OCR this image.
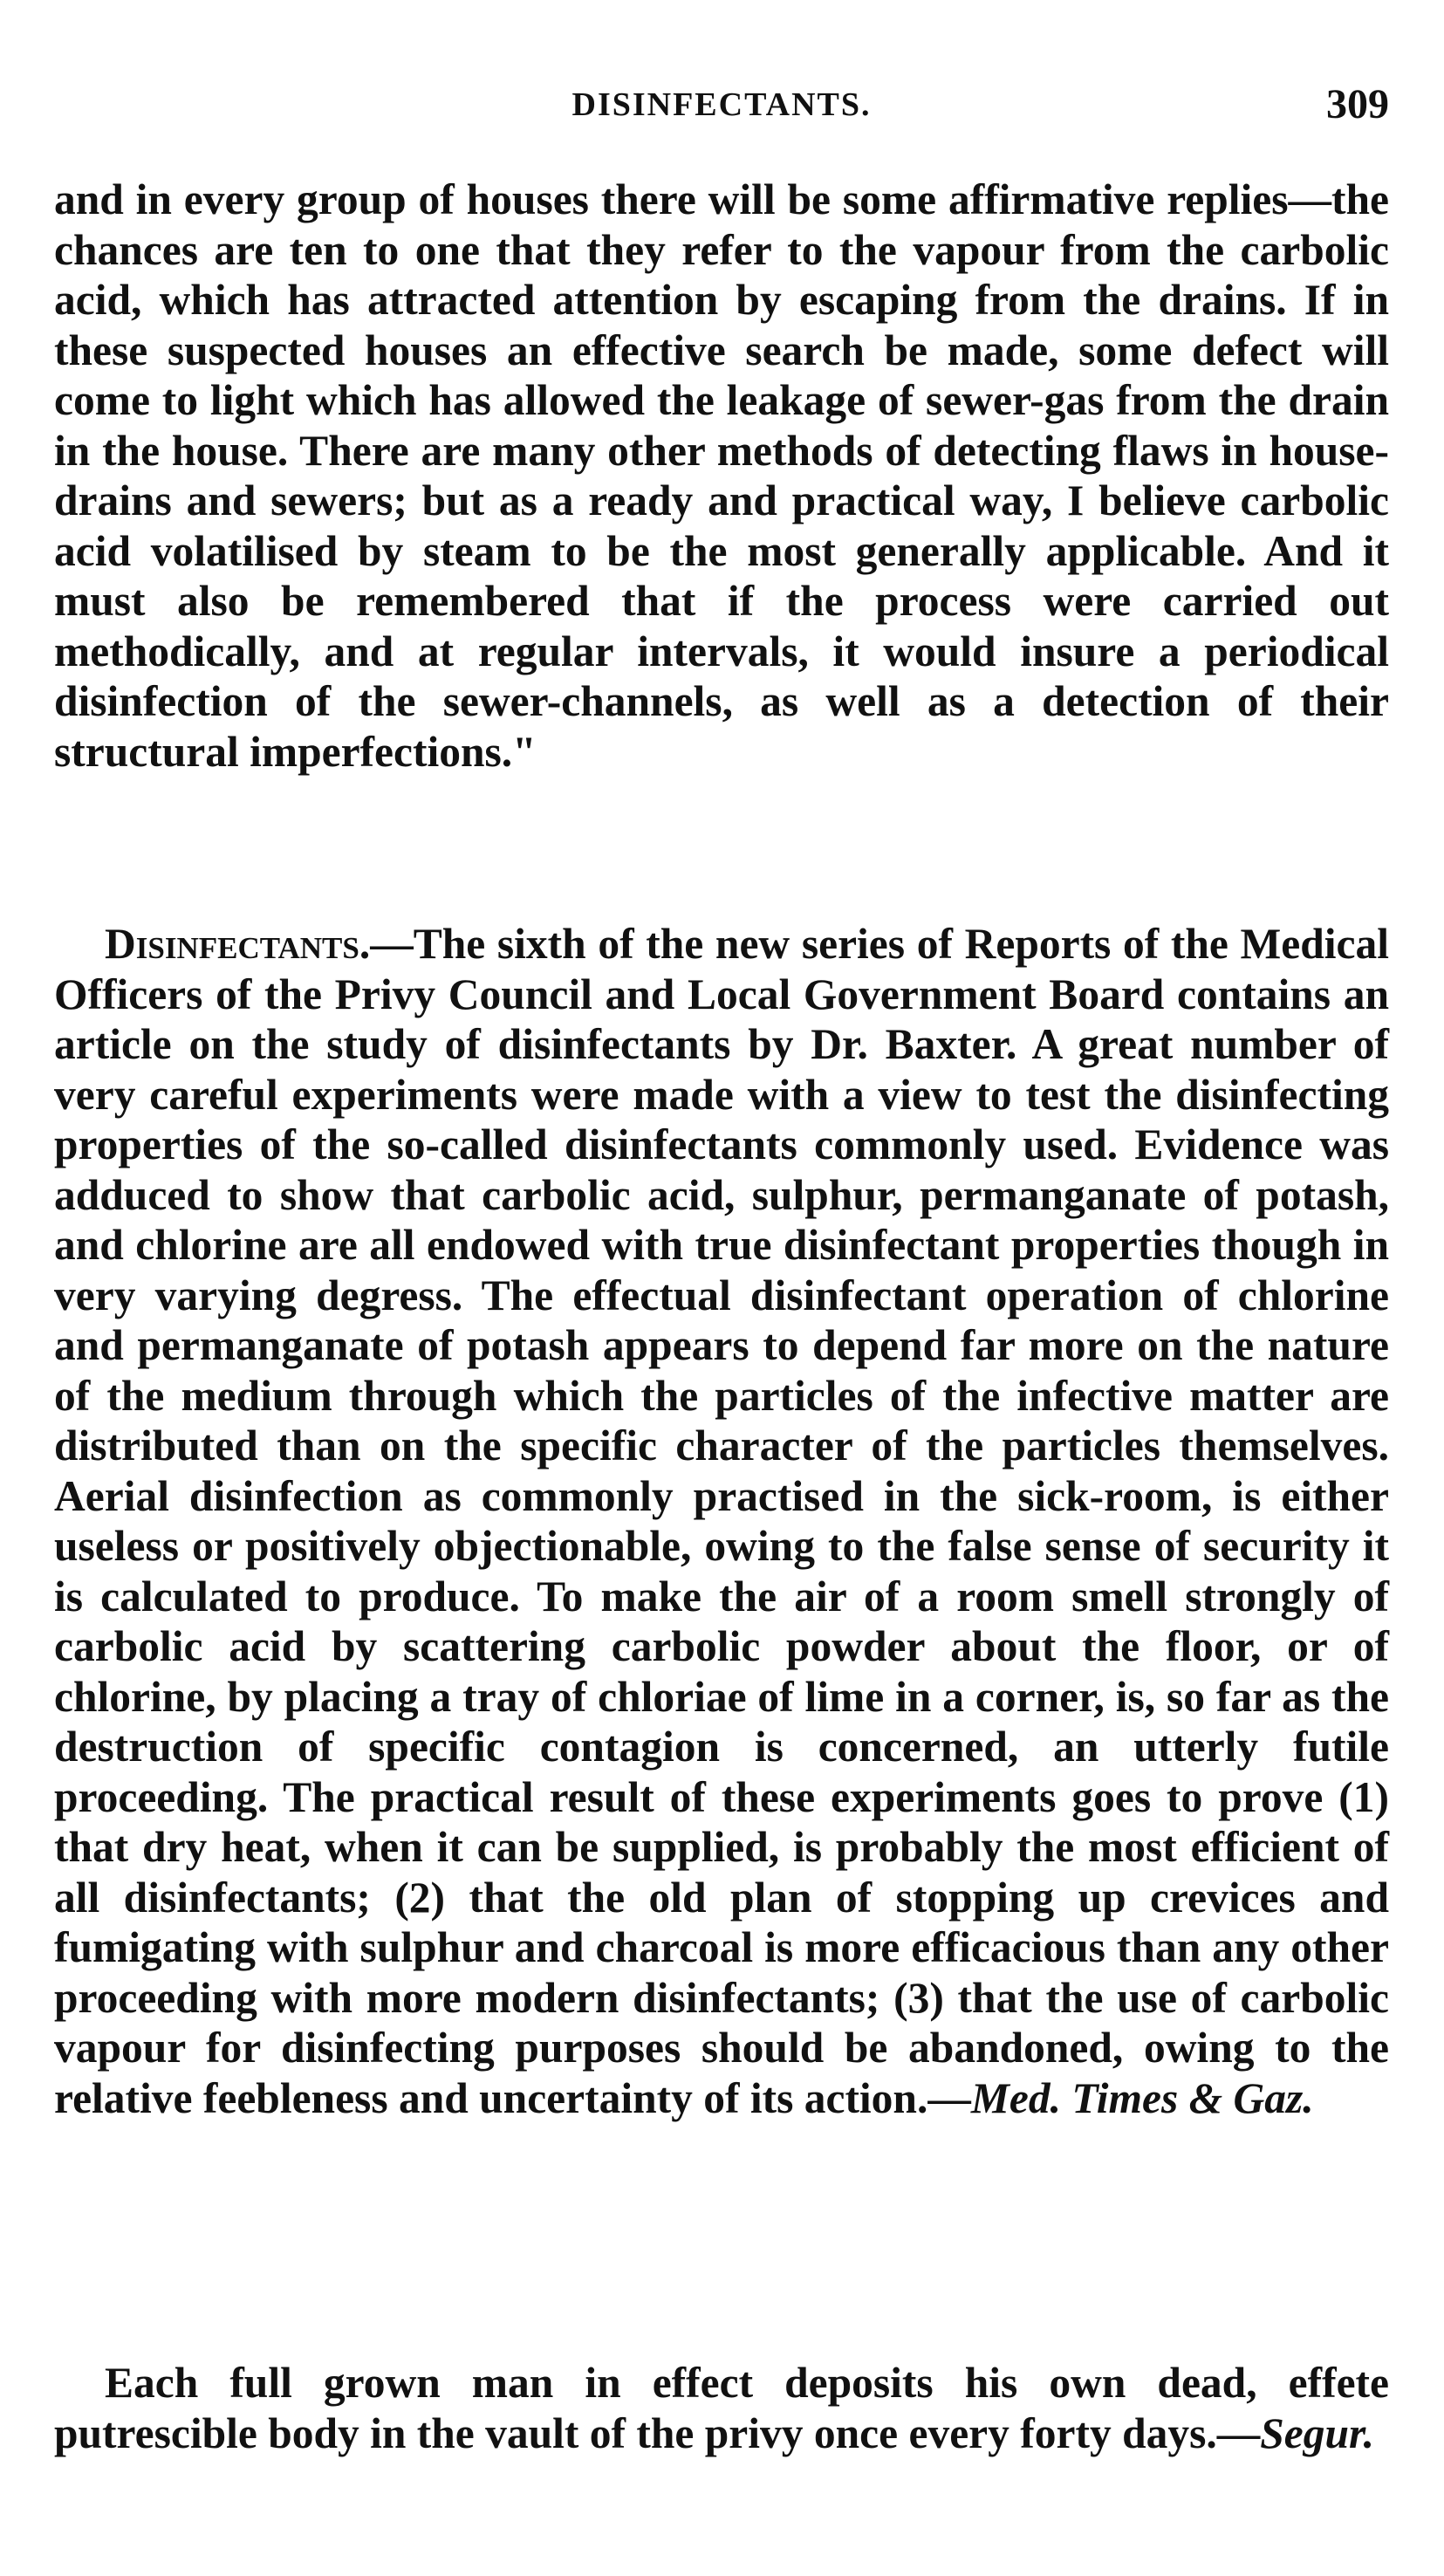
DISINFECTANTS.	309

and in every group of houses there will be some affirmative replies—the chances are ten to one that they refer to the vapour from the carbolic acid, which has attracted attention by escaping from the drains. If in these suspected houses an effective search be made, some defect will come to light which has allowed the leakage of sewer-gas from the drain in the house. There are many other methods of detecting flaws in house-drains and sewers; but as a ready and practical way, I believe carbolic acid volatilised by steam to be the most generally applicable. And it must also be remembered that if the process were carried out methodically, and at regular intervals, it would insure a periodical disinfection of the sewer-channels, as well as a detection of their structural imperfections."

Disinfectants.—The sixth of the new series of Reports of the Medical Officers of the Privy Council and Local Government Board contains an article on the study of disinfectants by Dr. Baxter. A great number of very careful experiments were made with a view to test the disinfecting properties of the so-called disinfectants commonly used. Evidence was adduced to show that carbolic acid, sulphur, permanganate of potash, and chlorine are all endowed with true disinfectant properties though in very varying degress. The effectual disinfectant operation of chlorine and permanganate of potash appears to depend far more on the nature of the medium through which the particles of the infective matter are distributed than on the specific character of the particles themselves. Aerial disinfection as commonly practised in the sick-room, is either useless or positively objectionable, owing to the false sense of security it is calculated to produce. To make the air of a room smell strongly of carbolic acid by scattering carbolic powder about the floor, or of chlorine, by placing a tray of chloriae of lime in a corner, is, so far as the destruction of specific contagion is concerned, an utterly futile proceeding. The practical result of these experiments goes to prove (1) that dry heat, when it can be supplied, is probably the most efficient of all disinfectants; (2) that the old plan of stopping up crevices and fumigating with sulphur and charcoal is more efficacious than any other proceeding with more modern disinfectants; (3) that the use of carbolic vapour for disinfecting purposes should be abandoned, owing to the relative feebleness and uncertainty of its action.—Med. Times & Gaz.

Each full grown man in effect deposits his own dead, effete putrescible body in the vault of the privy once every forty days.—Segur.
